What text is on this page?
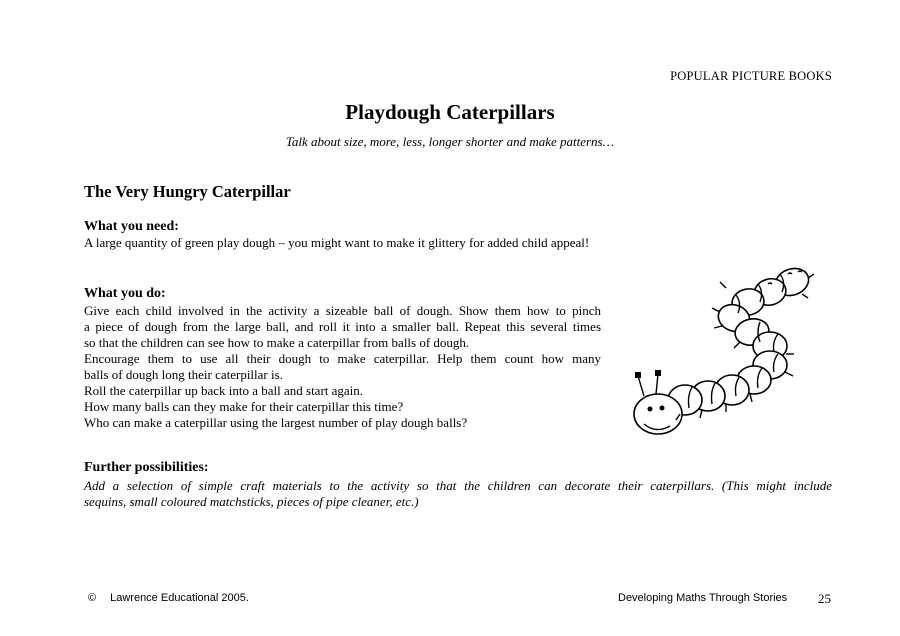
POPULAR PICTURE BOOKS
Playdough Caterpillars
Talk about size, more, less, longer shorter and make patterns…
The Very Hungry Caterpillar
What you need:
A large quantity of green play dough – you might want to make it glittery for added child appeal!
What you do:
Give each child involved in the activity a sizeable ball of dough. Show them how to pinch
a piece of dough from the large ball, and roll it into a smaller ball. Repeat this several times
so that the children can see how to make a caterpillar from balls of dough.
Encourage them to use all their dough to make caterpillar. Help them count how many
balls of dough long their caterpillar is.
Roll the caterpillar up back into a ball and start again.
How many balls can they make for their caterpillar this time?
Who can make a caterpillar using the largest number of play dough balls?
Further possibilities:
Add a selection of simple craft materials to the activity so that the children can decorate their caterpillars. (This might include
sequins, small coloured matchsticks, pieces of pipe cleaner, etc.)
© Lawrence Educational 2005.	Developing Maths Through Stories 25
